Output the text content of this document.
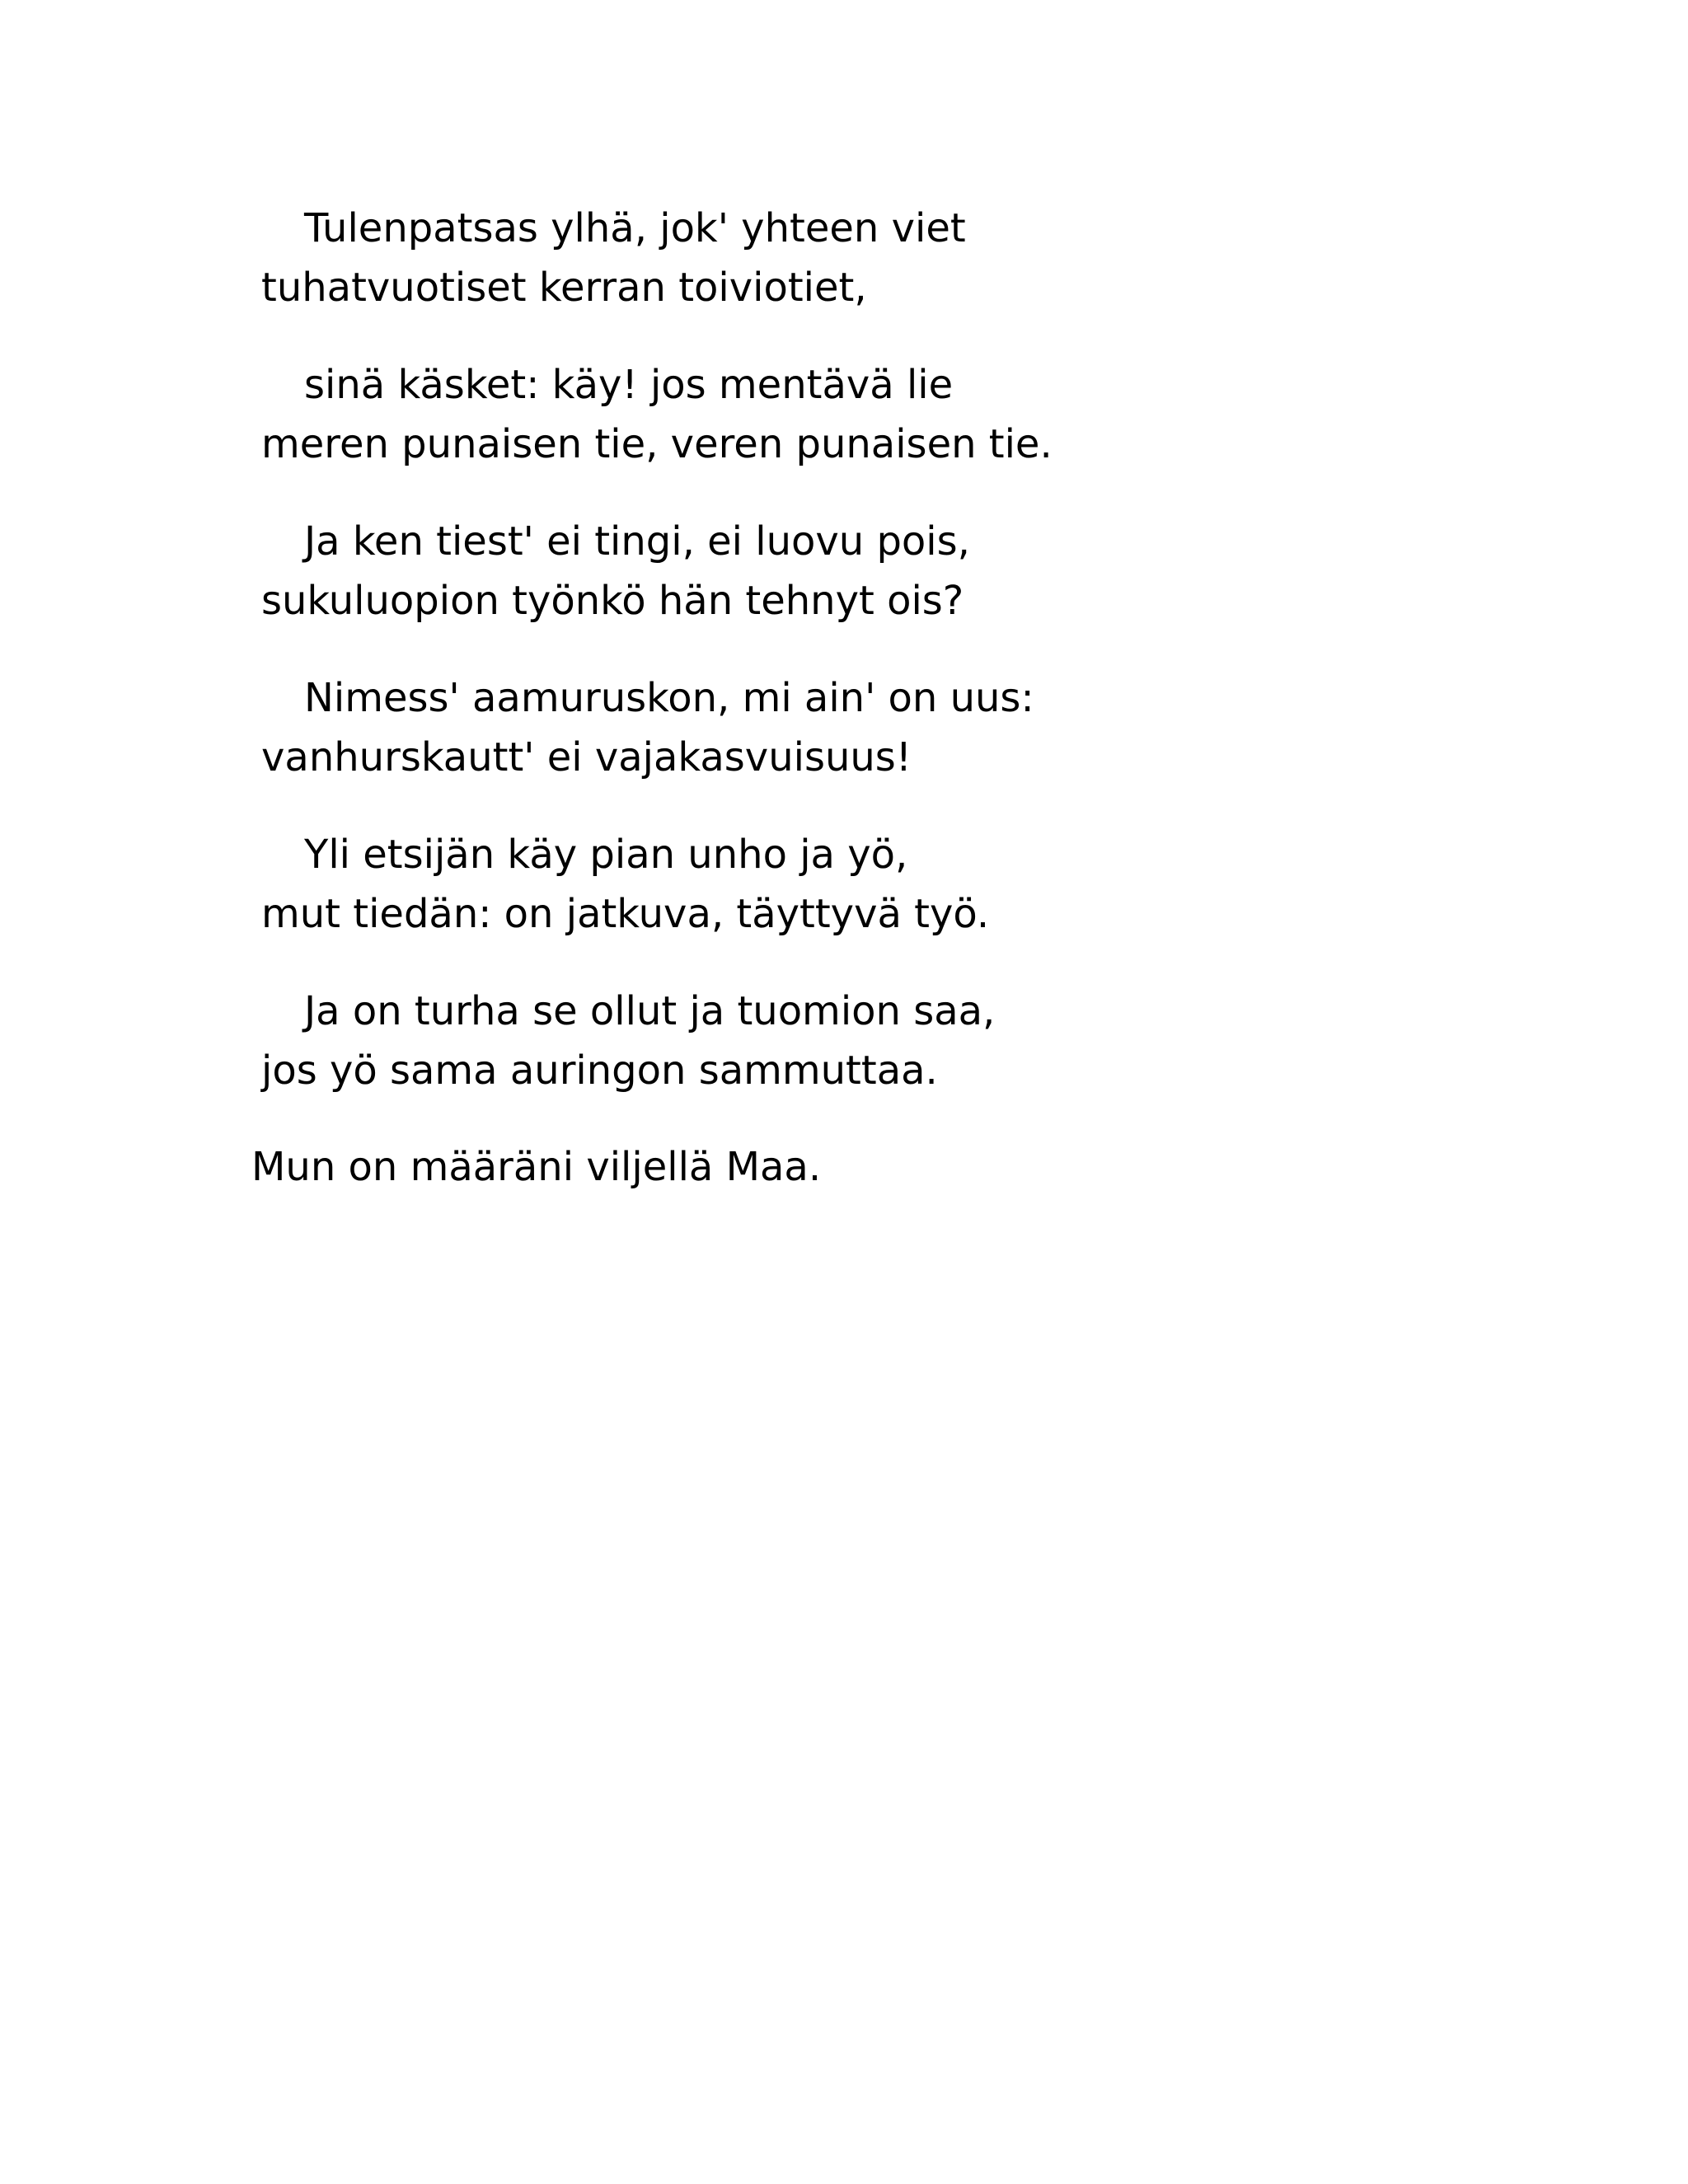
Tulenpatsas ylhä, jok' yhteen viet
tuhatvuotiset kerran toiviotiet,
sinä käsket: käy! jos mentävä lie
meren punaisen tie, veren punaisen tie.
Ja ken tiest' ei tingi, ei luovu pois,
sukuluopion työnkö hän tehnyt ois?
Nimess' aamuruskon, mi ain' on uus:
vanhurskautt' ei vajakasvuisuus!
Yli etsijän käy pian unho ja yö,
mut tiedän: on jatkuva, täyttyvä työ.
Ja on turha se ollut ja tuomion saa,
jos yö sama auringon sammuttaa.
Mun on määräni viljellä Maa.
